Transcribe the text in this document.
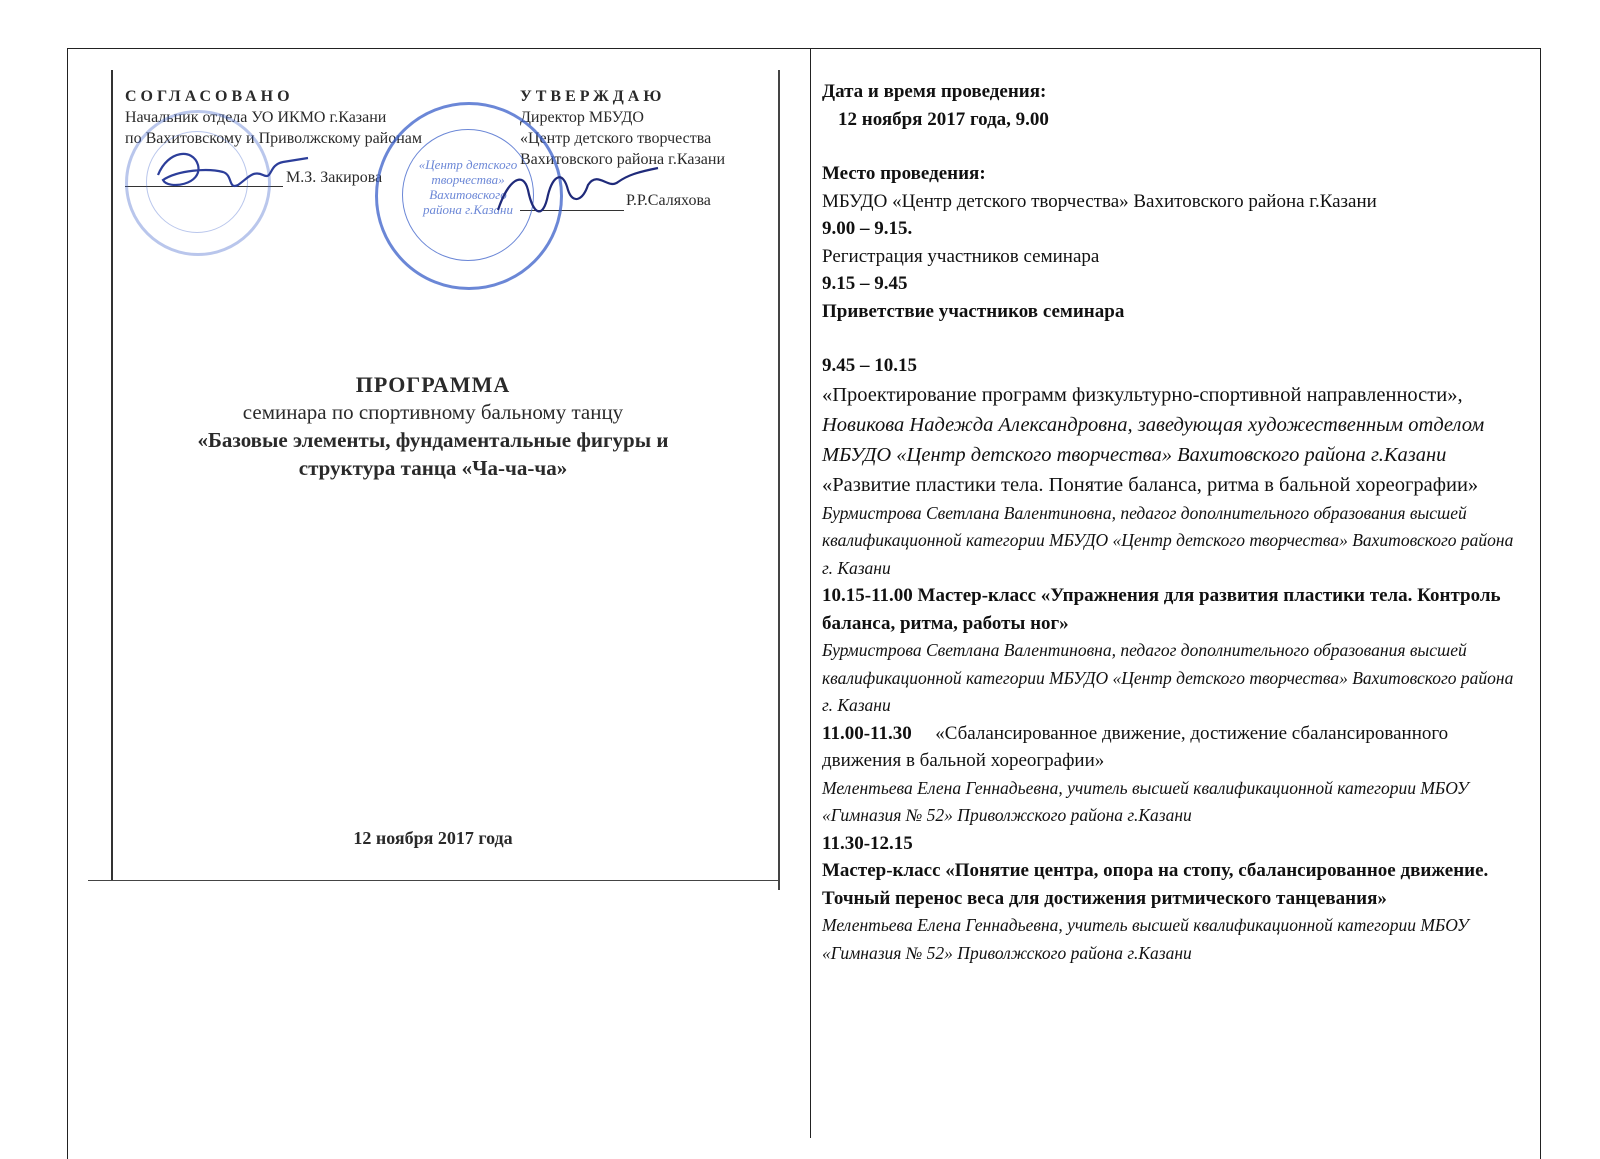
СОГЛАСОВАНО
Начальник отдела УО ИКМО г.Казани
по Вахитовскому и Приволжскому районам
М.З. Закирова
УТВЕРЖДАЮ
Директор МБУДО
«Центр детского творчества
Вахитовского района г.Казани
Р.Р.Саляхова
«Центр детского творчества» Вахитовского района г.Казани
ПРОГРАММА
семинара по спортивному бальному танцу
«Базовые элементы, фундаментальные фигуры и
структура танца «Ча-ча-ча»
12 ноября 2017 года

Дата и время проведения:

12 ноября 2017 года, 9.00

Место проведения:

МБУДО «Центр детского творчества» Вахитовского района г.Казани

9.00 – 9.15.

Регистрация участников семинара

9.15 – 9.45

Приветствие участников семинара

9.45 – 10.15

«Проектирование программ физкультурно-спортивной направленности»,

Новикова Надежда Александровна, заведующая художественным отделом МБУДО «Центр детского творчества» Вахитовского района г.Казани

«Развитие пластики тела. Понятие баланса, ритма в бальной хореографии»

Бурмистрова Светлана Валентиновна, педагог дополнительного образования высшей квалификационной категории МБУДО «Центр детского творчества» Вахитовского района г. Казани

10.15-11.00 Мастер-класс «Упражнения для развития пластики тела. Контроль баланса, ритма, работы ног»

Бурмистрова Светлана Валентиновна, педагог дополнительного образования высшей квалификационной категории МБУДО «Центр детского творчества» Вахитовского района г. Казани

11.00-11.30 «Сбалансированное движение, достижение сбалансированного движения в бальной хореографии»

Мелентьева Елена Геннадьевна, учитель высшей квалификационной категории МБОУ «Гимназия № 52» Приволжского района г.Казани

11.30-12.15

Мастер-класс «Понятие центра, опора на стопу, сбалансированное движение. Точный перенос веса для достижения ритмического танцевания»

Мелентьева Елена Геннадьевна, учитель высшей квалификационной категории МБОУ «Гимназия № 52» Приволжского района г.Казани
